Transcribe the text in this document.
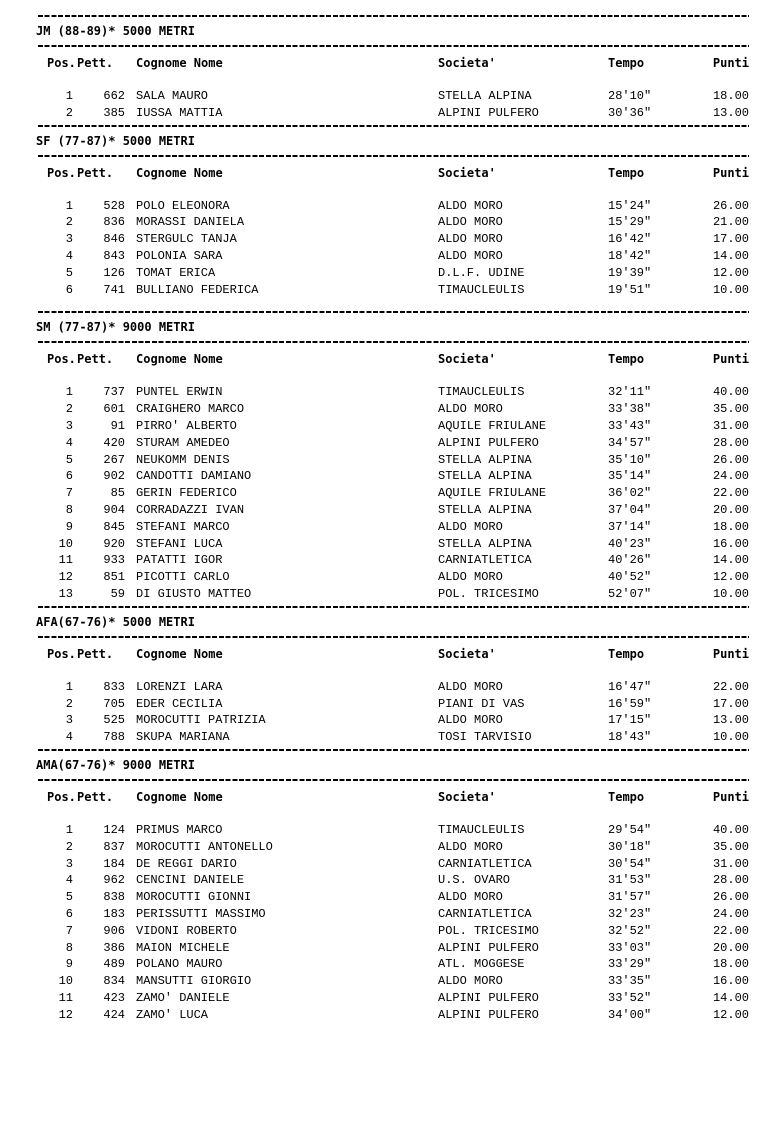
JM (88-89)* 5000 METRI
Pos. Pett. Cognome Nome	Societa'	Tempo	Punti
1	662 SALA MAURO	STELLA ALPINA	28'10"	18.00
2	385 IUSSA MATTIA	ALPINI PULFERO	30'36"	13.00
SF (77-87)* 5000 METRI
Pos. Pett. Cognome Nome	Societa'	Tempo	Punti
1	528 POLO ELEONORA	ALDO MORO	15'24"	26.00
2	836 MORASSI DANIELA	ALDO MORO	15'29"	21.00
3	846 STERGULC TANJA	ALDO MORO	16'42"	17.00
4	843 POLONIA SARA	ALDO MORO	18'42"	14.00
5	126 TOMAT ERICA	D.L.F. UDINE	19'39"	12.00
6	741 BULLIANO FEDERICA	TIMAUCLEULIS	19'51"	10.00
SM (77-87)* 9000 METRI
Pos. Pett. Cognome Nome	Societa'	Tempo	Punti
1	737 PUNTEL ERWIN	TIMAUCLEULIS	32'11"	40.00
2	601 CRAIGHERO MARCO	ALDO MORO	33'38"	35.00
3	91 PIRRO' ALBERTO	AQUILE FRIULANE	33'43"	31.00
4	420 STURAM AMEDEO	ALPINI PULFERO	34'57"	28.00
5	267 NEUKOMM DENIS	STELLA ALPINA	35'10"	26.00
6	902 CANDOTTI DAMIANO	STELLA ALPINA	35'14"	24.00
7	85 GERIN FEDERICO	AQUILE FRIULANE	36'02"	22.00
8	904 CORRADAZZI IVAN	STELLA ALPINA	37'04"	20.00
9	845 STEFANI MARCO	ALDO MORO	37'14"	18.00
10	920 STEFANI LUCA	STELLA ALPINA	40'23"	16.00
11	933 PATATTI IGOR	CARNIATLETICA	40'26"	14.00
12	851 PICOTTI CARLO	ALDO MORO	40'52"	12.00
13	59 DI GIUSTO MATTEO	POL. TRICESIMO	52'07"	10.00
AFA(67-76)* 5000 METRI
Pos. Pett. Cognome Nome	Societa'	Tempo	Punti
1	833 LORENZI LARA	ALDO MORO	16'47"	22.00
2	705 EDER CECILIA	PIANI DI VAS	16'59"	17.00
3	525 MOROCUTTI PATRIZIA	ALDO MORO	17'15"	13.00
4	788 SKUPA MARIANA	TOSI TARVISIO	18'43"	10.00
AMA(67-76)* 9000 METRI
Pos. Pett. Cognome Nome	Societa'	Tempo	Punti
1	124 PRIMUS MARCO	TIMAUCLEULIS	29'54"	40.00
2	837 MOROCUTTI ANTONELLO	ALDO MORO	30'18"	35.00
3	184 DE REGGI DARIO	CARNIATLETICA	30'54"	31.00
4	962 CENCINI DANIELE	U.S. OVARO	31'53"	28.00
5	838 MOROCUTTI GIONNI	ALDO MORO	31'57"	26.00
6	183 PERISSUTTI MASSIMO	CARNIATLETICA	32'23"	24.00
7	906 VIDONI ROBERTO	POL. TRICESIMO	32'52"	22.00
8	386 MAION MICHELE	ALPINI PULFERO	33'03"	20.00
9	489 POLANO MAURO	ATL. MOGGESE	33'29"	18.00
10	834 MANSUTTI GIORGIO	ALDO MORO	33'35"	16.00
11	423 ZAMO' DANIELE	ALPINI PULFERO	33'52"	14.00
12	424 ZAMO' LUCA	ALPINI PULFERO	34'00"	12.00
